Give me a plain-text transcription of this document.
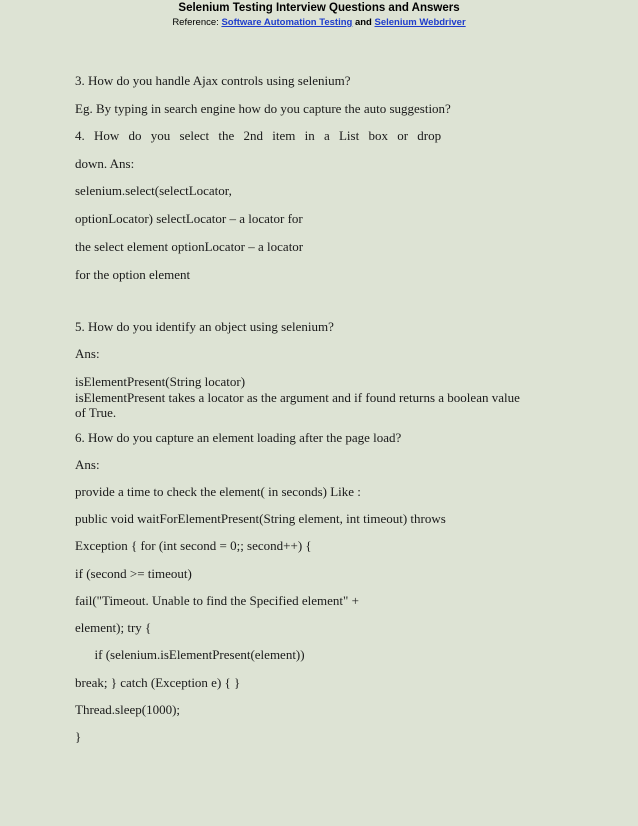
Selenium Testing Interview Questions and Answers
Reference: Software Automation Testing and Selenium Webdriver
3. How do you handle Ajax controls using selenium?
Eg. By typing in search engine how do you capture the auto suggestion?
4. How do you select the 2nd item in a List box or drop
down. Ans:
selenium.select(selectLocator,
optionLocator) selectLocator – a locator for
the select element optionLocator – a locator
for the option element
5. How do you identify an object using selenium?
Ans:
isElementPresent(String locator)
isElementPresent takes a locator as the argument and if found returns a boolean value
of True.
6. How do you capture an element loading after the page load?
Ans:
provide a time to check the element( in seconds) Like :
public void waitForElementPresent(String element, int timeout) throws
Exception { for (int second = 0;; second++) {
if (second >= timeout)
fail("Timeout. Unable to find the Specified element" +
element); try {
if (selenium.isElementPresent(element))
break; } catch (Exception e) { }
Thread.sleep(1000);
}
